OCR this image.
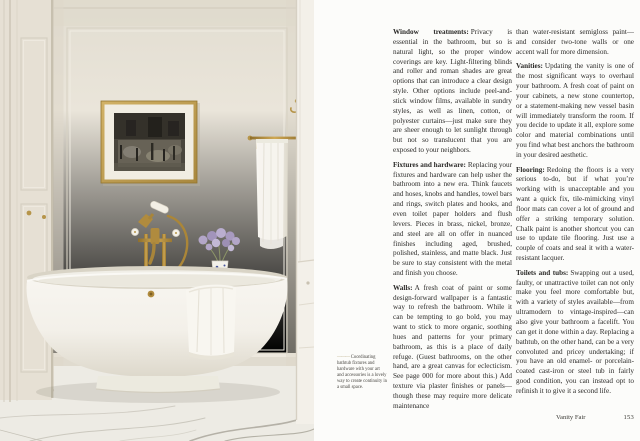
——— Coordinating bathtub fixtures and hardware with your art and accessories is a lovely way to create continuity in a small space.

Window treatments: Privacy is essential in the bathroom, but so is natural light, so the proper window coverings are key. Light-filtering blinds and roller and roman shades are great options that can introduce a clear design style. Other options include peel-and-stick window films, available in sundry styles, as well as linen, cotton, or polyester curtains—just make sure they are sheer enough to let sunlight through but not so translucent that you are exposed to your neighbors.

Fixtures and hardware: Replacing your fixtures and hardware can help usher the bathroom into a new era. Think faucets and hoses, knobs and handles, towel bars and rings, switch plates and hooks, and even toilet paper holders and flush levers. Pieces in brass, nickel, bronze, and steel are all on offer in nuanced finishes including aged, brushed, polished, stainless, and matte black. Just be sure to stay consistent with the metal and finish you choose.

Walls: A fresh coat of paint or some design-forward wallpaper is a fantastic way to refresh the bathroom. While it can be tempting to go bold, you may want to stick to more organic, soothing hues and patterns for your primary bathroom, as this is a place of daily refuge. (Guest bathrooms, on the other hand, are a great canvas for eclecticism. See page 000 for more about this.) Add texture via plaster finishes or panels—though these may require more delicate maintenance

than water-resistant semigloss paint—and consider two-tone walls or one accent wall for more dimension.

Vanities: Updating the vanity is one of the most significant ways to overhaul your bathroom. A fresh coat of paint on your cabinets, a new stone countertop, or a statement-making new vessel basin will immediately transform the room. If you decide to update it all, explore some color and material combinations until you find what best anchors the bathroom in your desired aesthetic.

Flooring: Redoing the floors is a very serious to-do, but if what you’re working with is unacceptable and you want a quick fix, tile-mimicking vinyl floor mats can cover a lot of ground and offer a striking temporary solution. Chalk paint is another shortcut you can use to update tile flooring. Just use a couple of coats and seal it with a water-resistant lacquer.

Toilets and tubs: Swapping out a used, faulty, or unattractive toilet can not only make you feel more comfortable but, with a variety of styles available—from ultramodern to vintage-inspired—can also give your bathroom a facelift. You can get it done within a day. Replacing a bathtub, on the other hand, can be a very convoluted and pricey undertaking; if you have an old enamel- or porcelain-coated cast-iron or steel tub in fairly good condition, you can instead opt to refinish it to give it a second life.

Vanity Fair	153
